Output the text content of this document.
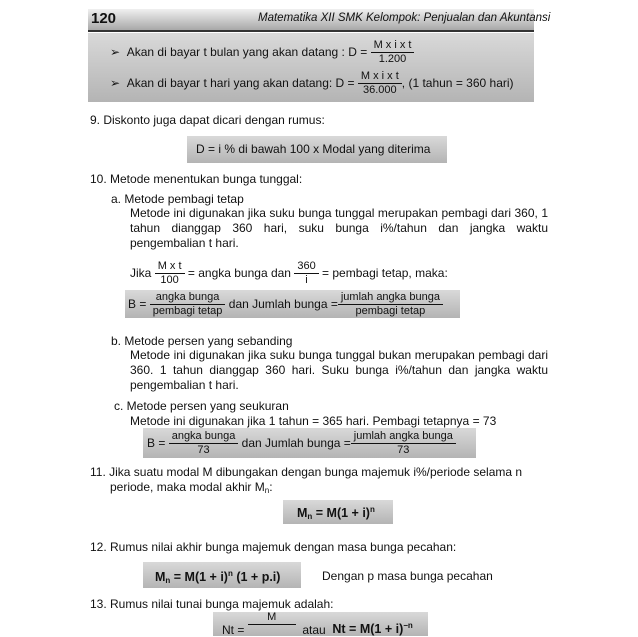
120	Matematika XII SMK Kelompok: Penjualan dan Akuntansi
➢
Akan di bayar t bulan yang akan datang : D =
$\frac{\text{M x i x t}}{1.200}$
➢
Akan di bayar t hari yang akan datang: D =
$\frac{\text{M x i x t}}{36.000}$ , (1 tahun = 360 hari)
9. Diskonto juga dapat dicari dengan rumus:
D = i % di bawah 100 x Modal yang diterima
10. Metode menentukan bunga tunggal:
a. Metode pembagi tetap
Metode ini digunakan jika suku bunga tunggal merupakan pembagi dari 360, 1 tahun dianggap 360 hari, suku bunga i%/tahun dan jangka waktu pengembalian t hari.
Jika
$\frac{\text{M x t}}{100}$
= angka bunga dan
$\frac{360}{i}$
= pembagi tetap, maka:
B =
$\frac{\text{angka bunga}}{\text{pembagi tetap}}$
dan Jumlah bunga = $\frac{\text{jumlah angka bunga}}{\text{pembagi tetap}}$
b. Metode persen yang sebanding
Metode ini digunakan jika suku bunga tunggal bukan merupakan pembagi dari 360. 1 tahun dianggap 360 hari. Suku bunga i%/tahun dan jangka waktu pengembalian t hari.
c. Metode persen yang seukuran
Metode ini digunakan jika 1 tahun = 365 hari. Pembagi tetapnya = 73
B =
$\frac{\text{angka bunga}}{73}$
dan Jumlah bunga = $\frac{\text{jumlah angka bunga}}{73}$
11. Jika suatu modal M dibungakan dengan bunga majemuk i%/periode selama n
periode, maka modal akhir $M_n$:
$M_n = M(1 + i)^n$
12. Rumus nilai akhir bunga majemuk dengan masa bunga pecahan:
$M_n = M(1 + i)^n$ (1 + p.i)	Dengan p masa bunga pecahan
13. Rumus nilai tunai bunga majemuk adalah:
Nt =

M

atau
$Nt = M(1 + i)^{-n}$
